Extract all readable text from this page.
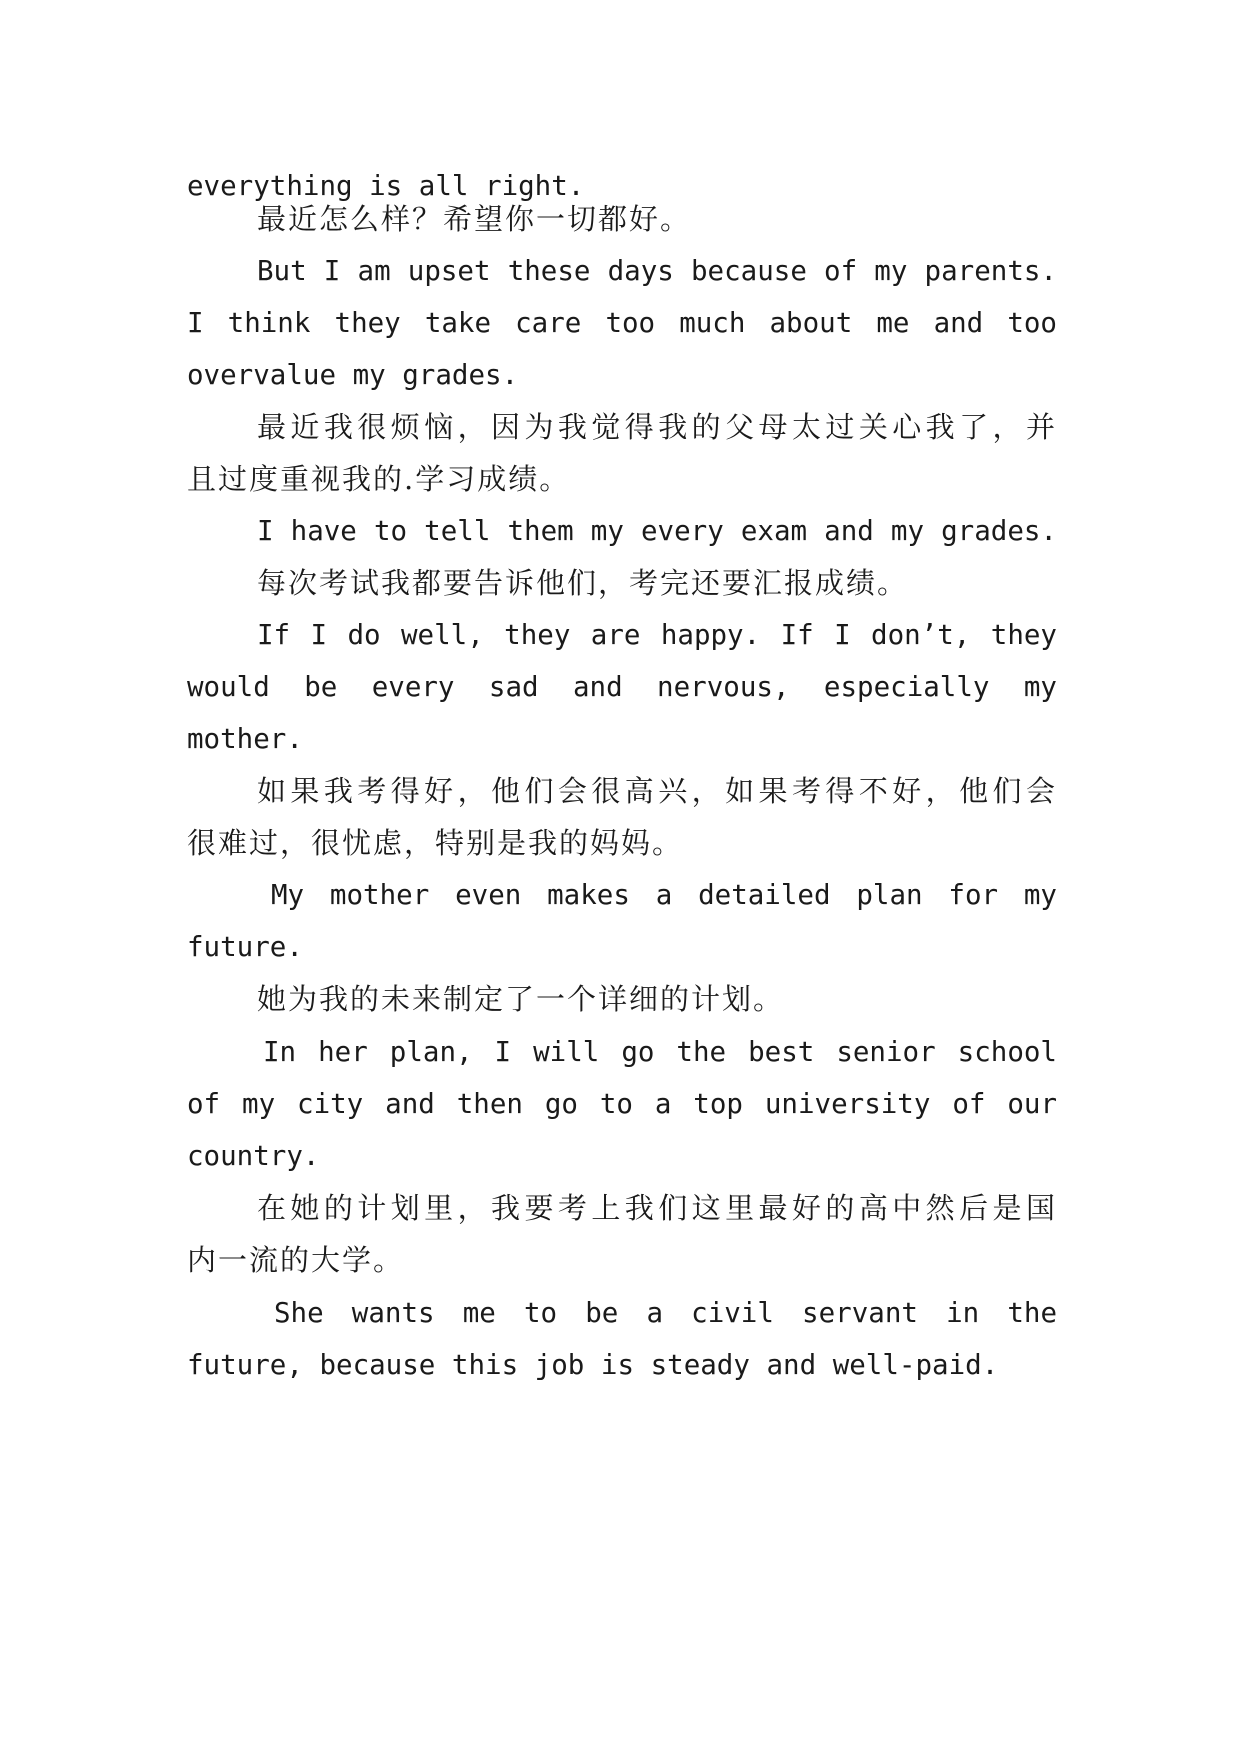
everything is all right.

最近怎么样？希望你一切都好。

But I am upset these days because of my parents.

I think they take care too much about me and too

overvalue my grades.

最近我很烦恼，因为我觉得我的父母太过关心我了，并

且过度重视我的.学习成绩。

I have to tell them my every exam and my grades.

每次考试我都要告诉他们，考完还要汇报成绩。

If I do well, they are happy. If I don’t, they

would be every sad and nervous, especially my

mother.

如果我考得好，他们会很高兴，如果考得不好，他们会

很难过，很忧虑，特别是我的妈妈。

My mother even makes a detailed plan for my

future.

她为我的未来制定了一个详细的计划。

In her plan, I will go the best senior school

of my city and then go to a top university of our

country.

在她的计划里，我要考上我们这里最好的高中然后是国

内一流的大学。

She wants me to be a civil servant in the

future, because this job is steady and well-paid.
